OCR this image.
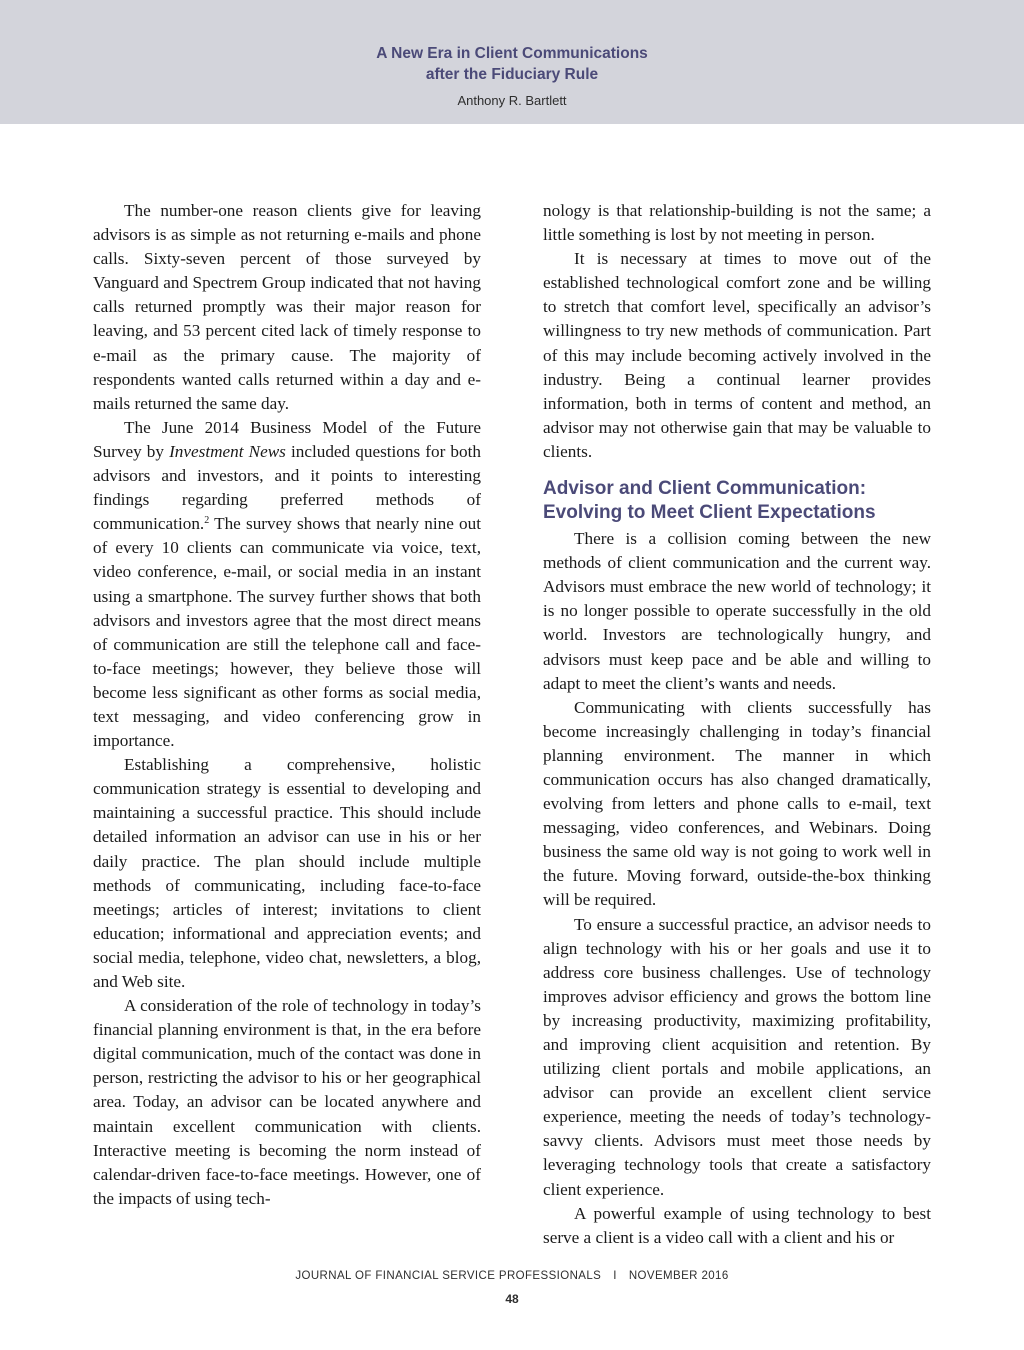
A New Era in Client Communications
after the Fiduciary Rule
Anthony R. Bartlett

The number-one reason clients give for leaving advisors is as simple as not returning e-mails and phone calls. Sixty-seven percent of those surveyed by Vanguard and Spectrem Group indicated that not having calls returned promptly was their major reason for leaving, and 53 percent cited lack of timely response to e-mail as the primary cause. The majority of respondents wanted calls returned within a day and e-mails returned the same day.

The June 2014 Business Model of the Future Survey by Investment News included questions for both advisors and investors, and it points to interesting findings regarding preferred methods of communication.$^2$ The survey shows that nearly nine out of every 10 clients can communicate via voice, text, video conference, e-mail, or social media in an instant using a smartphone. The survey further shows that both advisors and investors agree that the most direct means of communication are still the telephone call and face-to-face meetings; however, they believe those will become less significant as other forms as social media, text messaging, and video conferencing grow in importance.

Establishing a comprehensive, holistic communication strategy is essential to developing and maintaining a successful practice. This should include detailed information an advisor can use in his or her daily practice. The plan should include multiple methods of communicating, including face-to-face meetings; articles of interest; invitations to client education; informational and appreciation events; and social media, telephone, video chat, newsletters, a blog, and Web site.

A consideration of the role of technology in today’s financial planning environment is that, in the era before digital communication, much of the contact was done in person, restricting the advisor to his or her geographical area. Today, an advisor can be located anywhere and maintain excellent communication with clients. Interactive meeting is becoming the norm instead of calendar-driven face-to-face meetings. However, one of the impacts of using tech-

nology is that relationship-building is not the same; a little something is lost by not meeting in person.

It is necessary at times to move out of the established technological comfort zone and be willing to stretch that comfort level, specifically an advisor’s willingness to try new methods of communication. Part of this may include becoming actively involved in the industry. Being a continual learner provides information, both in terms of content and method, an advisor may not otherwise gain that may be valuable to clients.

Advisor and Client Communication:
Evolving to Meet Client Expectations

There is a collision coming between the new methods of client communication and the current way. Advisors must embrace the new world of technology; it is no longer possible to operate successfully in the old world. Investors are technologically hungry, and advisors must keep pace and be able and willing to adapt to meet the client’s wants and needs.

Communicating with clients successfully has become increasingly challenging in today’s financial planning environment. The manner in which communication occurs has also changed dramatically, evolving from letters and phone calls to e-mail, text messaging, video conferences, and Webinars. Doing business the same old way is not going to work well in the future. Moving forward, outside-the-box thinking will be required.

To ensure a successful practice, an advisor needs to align technology with his or her goals and use it to address core business challenges. Use of technology improves advisor efficiency and grows the bottom line by increasing productivity, maximizing profitability, and improving client acquisition and retention. By utilizing client portals and mobile applications, an advisor can provide an excellent client service experience, meeting the needs of today’s technology-savvy clients. Advisors must meet those needs by leveraging technology tools that create a satisfactory client experience.

A powerful example of using technology to best serve a client is a video call with a client and his or

JOURNAL OF FINANCIAL SERVICE PROFESSIONALS I NOVEMBER 2016
48
